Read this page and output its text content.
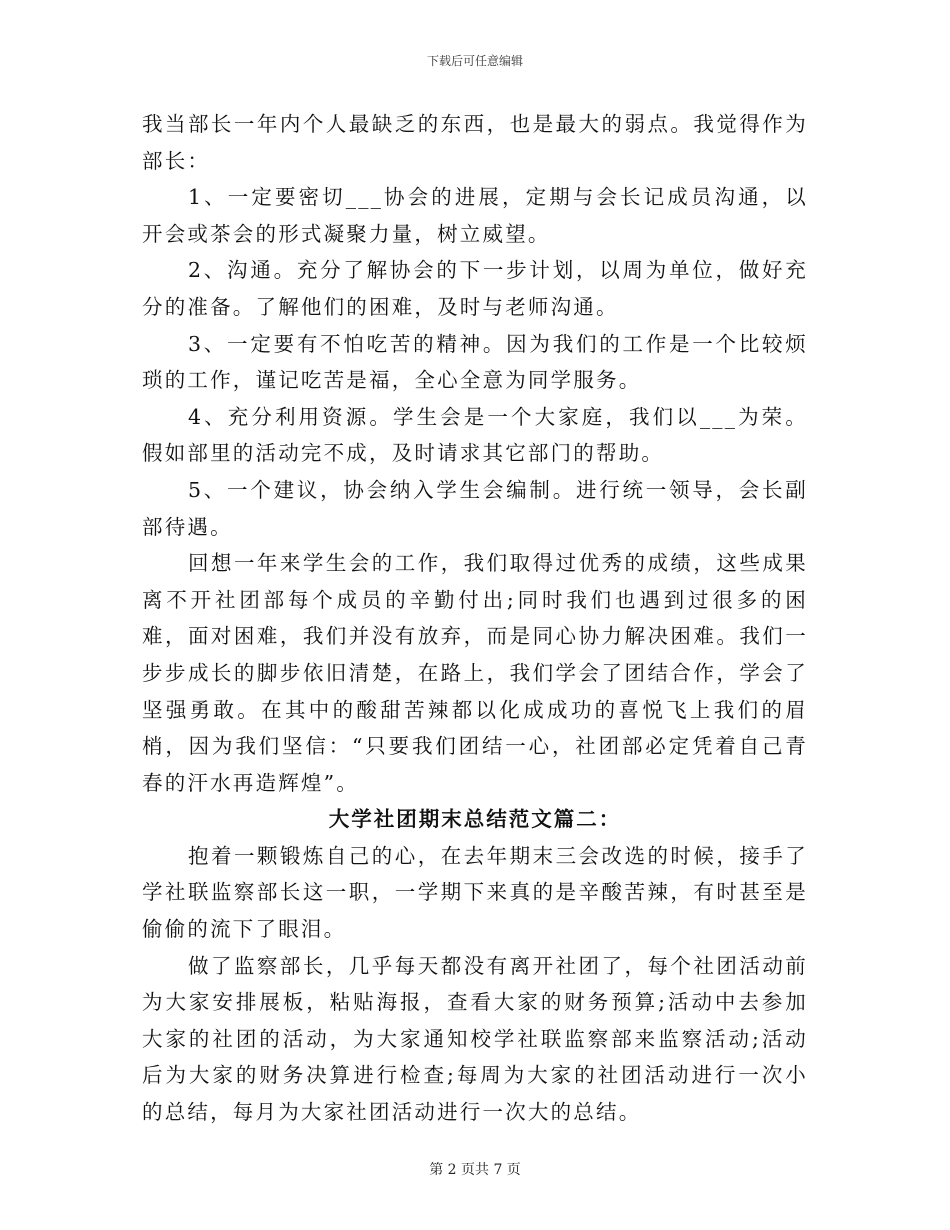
下载后可任意编辑

我当部长一年内个人最缺乏的东西，也是最大的弱点。我觉得作为部长：

1、一定要密切___协会的进展，定期与会长记成员沟通，以开会或茶会的形式凝聚力量，树立威望。

2、沟通。充分了解协会的下一步计划，以周为单位，做好充分的准备。了解他们的困难，及时与老师沟通。

3、一定要有不怕吃苦的精神。因为我们的工作是一个比较烦琐的工作，谨记吃苦是福，全心全意为同学服务。

4、充分利用资源。学生会是一个大家庭，我们以___为荣。假如部里的活动完不成，及时请求其它部门的帮助。

5、一个建议，协会纳入学生会编制。进行统一领导，会长副部待遇。

回想一年来学生会的工作，我们取得过优秀的成绩，这些成果离不开社团部每个成员的辛勤付出;同时我们也遇到过很多的困难，面对困难，我们并没有放弃，而是同心协力解决困难。我们一步步成长的脚步依旧清楚，在路上，我们学会了团结合作，学会了坚强勇敢。在其中的酸甜苦辣都以化成成功的喜悦飞上我们的眉梢，因为我们坚信：“只要我们团结一心，社团部必定凭着自己青春的汗水再造辉煌”。

大学社团期末总结范文篇二：

抱着一颗锻炼自己的心，在去年期末三会改选的时候，接手了学社联监察部长这一职，一学期下来真的是辛酸苦辣，有时甚至是偷偷的流下了眼泪。

做了监察部长，几乎每天都没有离开社团了，每个社团活动前为大家安排展板，粘贴海报，查看大家的财务预算;活动中去参加大家的社团的活动，为大家通知校学社联监察部来监察活动;活动后为大家的财务决算进行检查;每周为大家的社团活动进行一次小的总结，每月为大家社团活动进行一次大的总结。

第 2 页共 7 页
